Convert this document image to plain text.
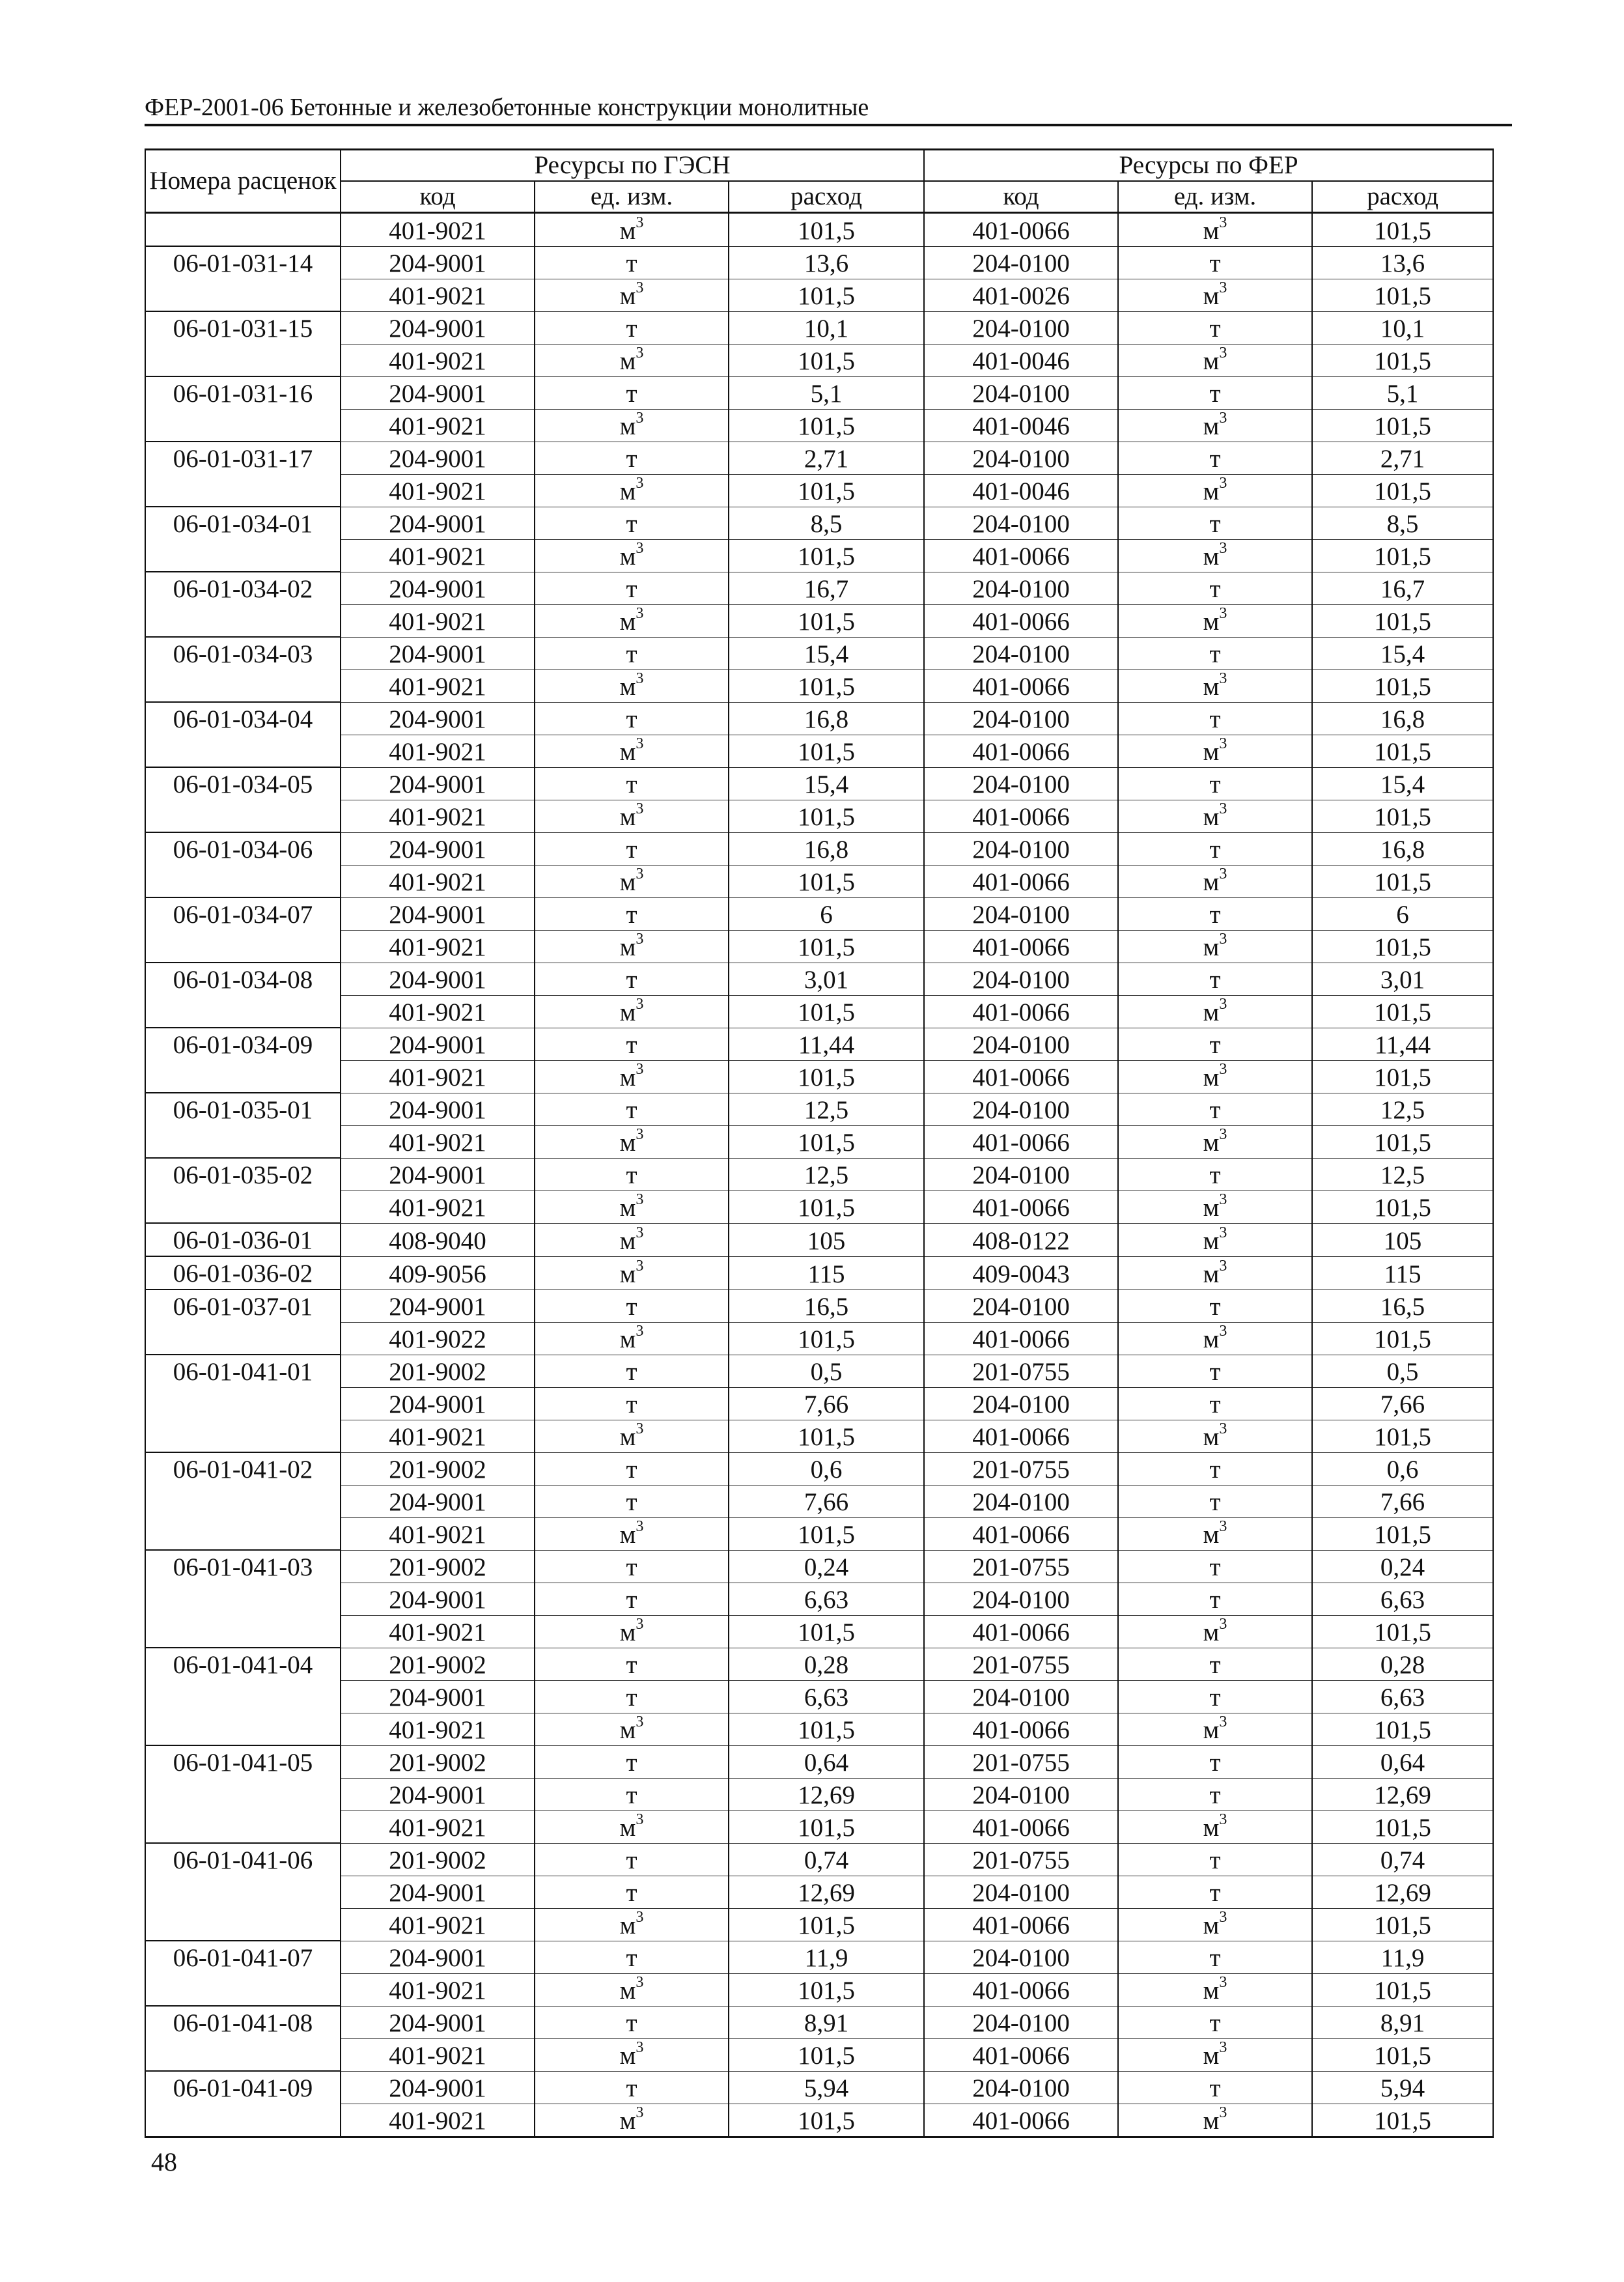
ФЕР-2001-06 Бетонные и железобетонные конструкции монолитные
Номера расценок	Ресурсы по ГЭСН			Ресурсы по ФЕР		
	код	ед. изм.	расход	код	ед. изм.	расход
	401-9021	$м^3$	101,5	401-0066	$м^3$	101,5
06-01-031-14	204-9001	т	13,6	204-0100	т	13,6
	401-9021	$м^3$	101,5	401-0026	$м^3$	101,5
06-01-031-15	204-9001	т	10,1	204-0100	т	10,1
	401-9021	$м^3$	101,5	401-0046	$м^3$	101,5
06-01-031-16	204-9001	т	5,1	204-0100	т	5,1
	401-9021	$м^3$	101,5	401-0046	$м^3$	101,5
06-01-031-17	204-9001	т	2,71	204-0100	т	2,71
	401-9021	$м^3$	101,5	401-0046	$м^3$	101,5
06-01-034-01	204-9001	т	8,5	204-0100	т	8,5
	401-9021	$м^3$	101,5	401-0066	$м^3$	101,5
06-01-034-02	204-9001	т	16,7	204-0100	т	16,7
	401-9021	$м^3$	101,5	401-0066	$м^3$	101,5
06-01-034-03	204-9001	т	15,4	204-0100	т	15,4
	401-9021	$м^3$	101,5	401-0066	$м^3$	101,5
06-01-034-04	204-9001	т	16,8	204-0100	т	16,8
	401-9021	$м^3$	101,5	401-0066	$м^3$	101,5
06-01-034-05	204-9001	т	15,4	204-0100	т	15,4
	401-9021	$м^3$	101,5	401-0066	$м^3$	101,5
06-01-034-06	204-9001	т	16,8	204-0100	т	16,8
	401-9021	$м^3$	101,5	401-0066	$м^3$	101,5
06-01-034-07	204-9001	т	6	204-0100	т	6
	401-9021	$м^3$	101,5	401-0066	$м^3$	101,5
06-01-034-08	204-9001	т	3,01	204-0100	т	3,01
	401-9021	$м^3$	101,5	401-0066	$м^3$	101,5
06-01-034-09	204-9001	т	11,44	204-0100	т	11,44
	401-9021	$м^3$	101,5	401-0066	$м^3$	101,5
06-01-035-01	204-9001	т	12,5	204-0100	т	12,5
	401-9021	$м^3$	101,5	401-0066	$м^3$	101,5
06-01-035-02	204-9001	т	12,5	204-0100	т	12,5
	401-9021	$м^3$	101,5	401-0066	$м^3$	101,5
06-01-036-01	408-9040	$м^3$	105	408-0122	$м^3$	105
06-01-036-02	409-9056	$м^3$	115	409-0043	$м^3$	115
06-01-037-01	204-9001	т	16,5	204-0100	т	16,5
	401-9022	$м^3$	101,5	401-0066	$м^3$	101,5
06-01-041-01	201-9002	т	0,5	201-0755	т	0,5
	204-9001	т	7,66	204-0100	т	7,66
	401-9021	$м^3$	101,5	401-0066	$м^3$	101,5
06-01-041-02	201-9002	т	0,6	201-0755	т	0,6
	204-9001	т	7,66	204-0100	т	7,66
	401-9021	$м^3$	101,5	401-0066	$м^3$	101,5
06-01-041-03	201-9002	т	0,24	201-0755	т	0,24
	204-9001	т	6,63	204-0100	т	6,63
	401-9021	$м^3$	101,5	401-0066	$м^3$	101,5
06-01-041-04	201-9002	т	0,28	201-0755	т	0,28
	204-9001	т	6,63	204-0100	т	6,63
	401-9021	$м^3$	101,5	401-0066	$м^3$	101,5
06-01-041-05	201-9002	т	0,64	201-0755	т	0,64
	204-9001	т	12,69	204-0100	т	12,69
	401-9021	$м^3$	101,5	401-0066	$м^3$	101,5
06-01-041-06	201-9002	т	0,74	201-0755	т	0,74
	204-9001	т	12,69	204-0100	т	12,69
	401-9021	$м^3$	101,5	401-0066	$м^3$	101,5
06-01-041-07	204-9001	т	11,9	204-0100	т	11,9
	401-9021	$м^3$	101,5	401-0066	$м^3$	101,5
06-01-041-08	204-9001	т	8,91	204-0100	т	8,91
	401-9021	$м^3$	101,5	401-0066	$м^3$	101,5
06-01-041-09	204-9001	т	5,94	204-0100	т	5,94
	401-9021	$м^3$	101,5	401-0066	$м^3$	101,5
48
